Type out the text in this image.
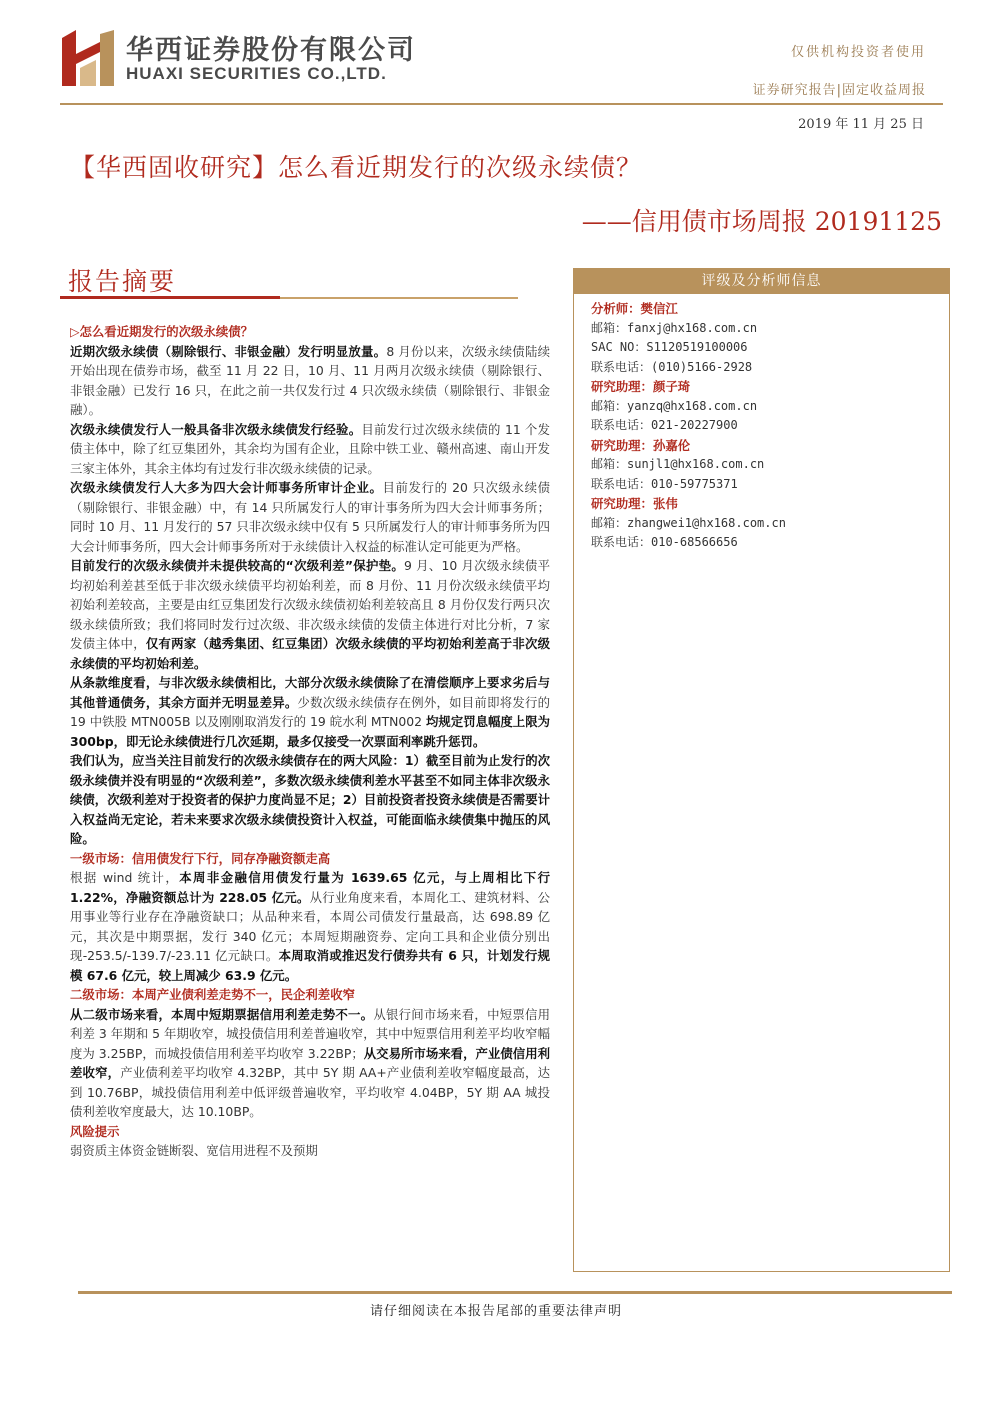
华西证券股份有限公司
HUAXI SECURITIES CO.,LTD.
仅供机构投资者使用
证券研究报告|固定收益周报
2019 年 11 月 25 日
【华西固收研究】怎么看近期发行的次级永续债？
——信用债市场周报 20191125
报告摘要

▷怎么看近期发行的次级永续债？

近期次级永续债（剔除银行、非银金融）发行明显放量。8 月份以来，次级永续债陆续开始出现在债券市场，截至 11 月 22 日，10 月、11 月两月次级永续债（剔除银行、非银金融）已发行 16 只，在此之前一共仅发行过 4 只次级永续债（剔除银行、非银金融）。

次级永续债发行人一般具备非次级永续债发行经验。目前发行过次级永续债的 11 个发债主体中，除了红豆集团外，其余均为国有企业，且除中铁工业、赣州高速、南山开发三家主体外，其余主体均有过发行非次级永续债的记录。

次级永续债发行人大多为四大会计师事务所审计企业。目前发行的 20 只次级永续债（剔除银行、非银金融）中，有 14 只所属发行人的审计事务所为四大会计师事务所；同时 10 月、11 月发行的 57 只非次级永续中仅有 5 只所属发行人的审计师事务所为四大会计师事务所，四大会计师事务所对于永续债计入权益的标准认定可能更为严格。

目前发行的次级永续债并未提供较高的“次级利差”保护垫。9 月、10 月次级永续债平均初始利差甚至低于非次级永续债平均初始利差，而 8 月份、11 月份次级永续债平均初始利差较高，主要是由红豆集团发行次级永续债初始利差较高且 8 月份仅发行两只次级永续债所致；我们将同时发行过次级、非次级永续债的发债主体进行对比分析，7 家发债主体中，仅有两家（越秀集团、红豆集团）次级永续债的平均初始利差高于非次级永续债的平均初始利差。

从条款维度看，与非次级永续债相比，大部分次级永续债除了在清偿顺序上要求劣后与其他普通债务，其余方面并无明显差异。少数次级永续债存在例外，如目前即将发行的 19 中铁股 MTN005B 以及刚刚取消发行的 19 皖水利 MTN002 均规定罚息幅度上限为 300bp，即无论永续债进行几次延期，最多仅接受一次票面利率跳升惩罚。

我们认为，应当关注目前发行的次级永续债存在的两大风险：1）截至目前为止发行的次级永续债并没有明显的“次级利差”，多数次级永续债利差水平甚至不如同主体非次级永续债，次级利差对于投资者的保护力度尚显不足；2）目前投资者投资永续债是否需要计入权益尚无定论，若未来要求次级永续债投资计入权益，可能面临永续债集中抛压的风险。

一级市场：信用债发行下行，同存净融资额走高

根据 wind 统计，本周非金融信用债发行量为 1639.65 亿元，与上周相比下行 1.22%，净融资额总计为 228.05 亿元。从行业角度来看，本周化工、建筑材料、公用事业等行业存在净融资缺口；从品种来看，本周公司债发行量最高，达 698.89 亿元，其次是中期票据，发行 340 亿元；本周短期融资券、定向工具和企业债分别出现-253.5/-139.7/-23.11 亿元缺口。本周取消或推迟发行债券共有 6 只，计划发行规模 67.6 亿元，较上周减少 63.9 亿元。

二级市场：本周产业债利差走势不一，民企利差收窄

从二级市场来看，本周中短期票据信用利差走势不一。从银行间市场来看，中短票信用利差 3 年期和 5 年期收窄，城投债信用利差普遍收窄，其中中短票信用利差平均收窄幅度为 3.25BP，而城投债信用利差平均收窄 3.22BP；从交易所市场来看，产业债信用利差收窄，产业债利差平均收窄 4.32BP，其中 5Y 期 AA+产业债利差收窄幅度最高，达到 10.76BP，城投债信用利差中低评级普遍收窄，平均收窄 4.04BP，5Y 期 AA 城投债利差收窄度最大，达 10.10BP。

风险提示

弱资质主体资金链断裂、宽信用进程不及预期

评级及分析师信息
分析师：樊信江
邮箱：fanxj@hx168.com.cn
SAC NO：S1120519100006
联系电话：(010)5166-2928
研究助理：颜子琦
邮箱：yanzq@hx168.com.cn
联系电话：021-20227900
研究助理：孙嘉伦
邮箱：sunjl1@hx168.com.cn
联系电话：010-59775371
研究助理：张伟
邮箱：zhangwei1@hx168.com.cn
联系电话：010-68566656
请仔细阅读在本报告尾部的重要法律声明
